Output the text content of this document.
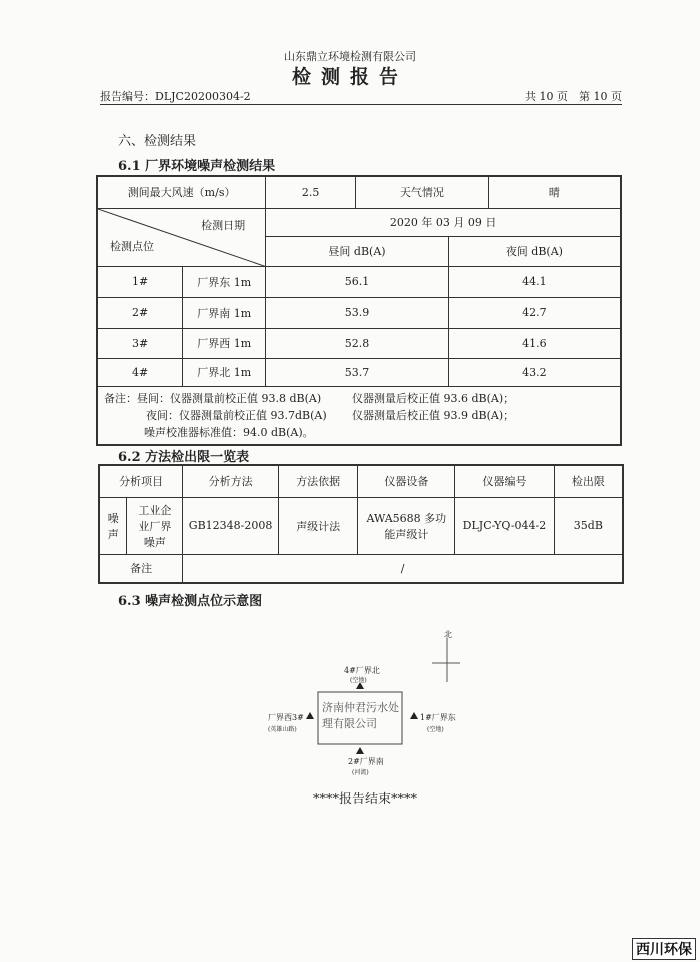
山东鼎立环境检测有限公司
检测报告
报告编号：DLJC20200304-2	共 10 页　第 10 页
六、检测结果
6.1 厂界环境噪声检测结果
测间最大风速（m/s）		2.5	天气情况		晴

检测日期
检测点位		2020 年 03 月 09 日			
		昼间 dB(A)		夜间 dB(A)	
1#	厂界东 1m	56.1		44.1	
2#	厂界南 1m	53.9		42.7	
3#	厂界西 1m	52.8		41.6	
4#	厂界北 1m	53.7		43.2	

备注：昼间：仪器测量前校正值 93.8 dB(A) 仪器测量后校正值 93.6 dB(A)；
夜间：仪器测量前校正值 93.7dB(A) 仪器测量后校正值 93.9 dB(A)；
噪声校准器标准值：94.0 dB(A)。					
6.2 方法检出限一览表
分析项目		分析方法	方法依据	仪器设备	仪器编号	检出限
噪声	工业企业厂界噪声	GB12348-2008	声级计法	AWA5688 多功能声级计	DLJC-YQ-044-2	35dB
备注		/				
6.3 噪声检测点位示意图
北
济南仲君污水处理有限公司
4#厂界北
(空地)
1#厂界东
(空地)
厂界西3#
(英雄山路)
2#厂界南
(河流)
****报告结束****
西川环保
